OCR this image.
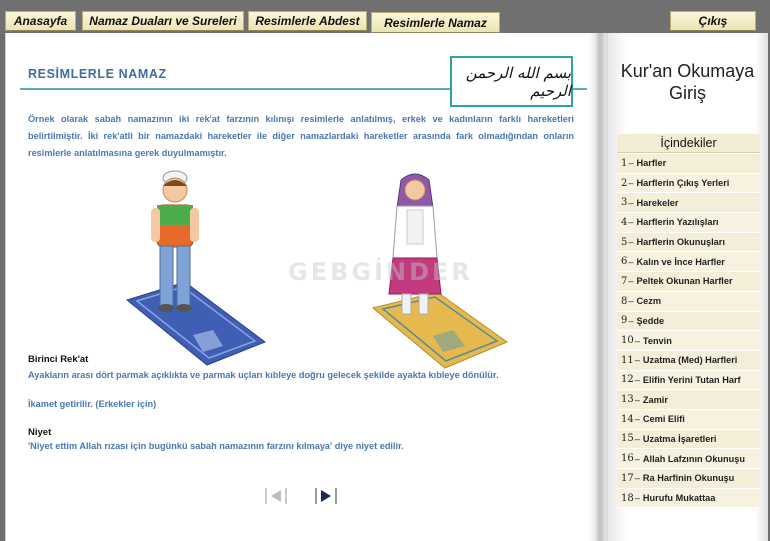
Anasayfa	Namaz Duaları ve Sureleri	Resimlerle Abdest	Resimlerle Namaz	Çıkış
RESİMLERLE NAMAZ	بسم الله الرحمن الرحيم
Örnek olarak sabah namazının iki rek'at farzının kılınışı resimlerle anlatılmış, erkek ve kadınların farklı hareketleri belirtilmiştir. İki rek'atli bir namazdaki hareketler ile diğer namazlardaki hareketler arasında fark olmadığından onların resimlerle anlatılmasına gerek duyulmamıştır.
GEBGİNDER
Birinci Rek'at
Ayakların arası dört parmak açıklıkta ve parmak uçları kıbleye doğru gelecek şekilde ayakta kıbleye dönülür.
İkamet getirilir. (Erkekler için)
Niyet
'Niyet ettim Allah rızası için bugünkü sabah namazının farzını kılmaya' diye niyet edilir.
Kur'an Okumaya
Giriş
İçindekiler
1 – Harfler
2 – Harflerin Çıkış Yerleri
3 – Harekeler
4 – Harflerin Yazılışları
5 – Harflerin Okunuşları
6 – Kalın ve İnce Harfler
7 – Peltek Okunan Harfler
8 – Cezm
9 – Şedde
10 – Tenvin
11 – Uzatma (Med) Harfleri
12 – Elifin Yerini Tutan Harf
13 – Zamir
14 – Cemi Elifi
15 – Uzatma İşaretleri
16 – Allah Lafzının Okunuşu
17 – Ra Harfinin Okunuşu
18 – Hurufu Mukattaa
